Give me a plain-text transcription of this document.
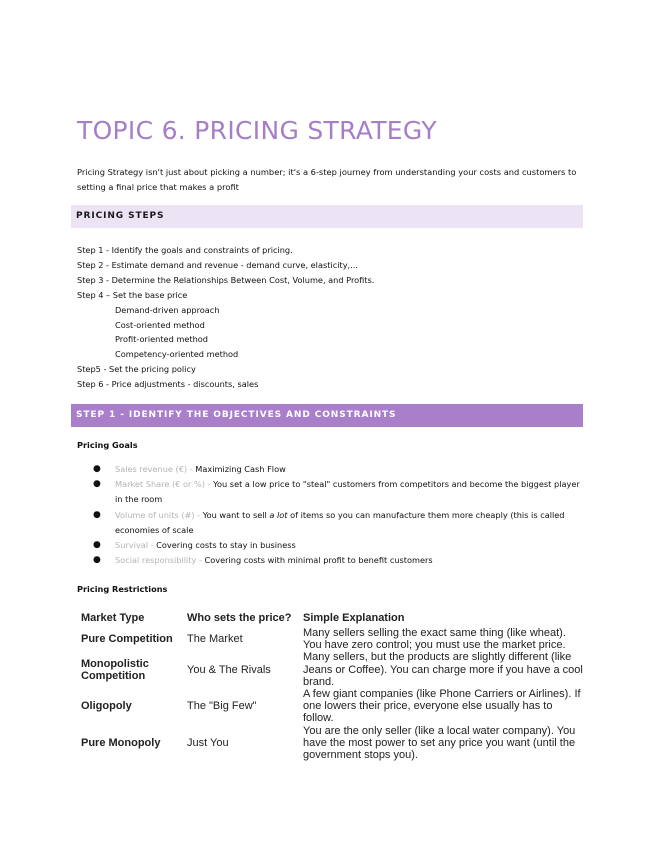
TOPIC 6. PRICING STRATEGY
Pricing Strategy isn't just about picking a number; it's a 6-step journey from understanding your costs and customers to setting a final price that makes a profit
PRICING STEPS
Step 1 - Identify the goals and constraints of pricing.
Step 2 - Estimate demand and revenue - demand curve, elasticity,...
Step 3 - Determine the Relationships Between Cost, Volume, and Profits.
Step 4 – Set the base price
Demand-driven approach
Cost-oriented method
Profit-oriented method
Competency-oriented method
Step5 - Set the pricing policy
Step 6 - Price adjustments - discounts, sales
STEP 1 - IDENTIFY THE OBJECTIVES AND CONSTRAINTS
Pricing Goals
● Sales revenue (€) - Maximizing Cash Flow
● Market Share (€ or %) - You set a low price to "steal" customers from competitors and become the biggest player in the room
● Volume of units (#) - You want to sell a lot of items so you can manufacture them more cheaply (this is called economies of scale
● Survival - Covering costs to stay in business
● Social responsibility - Covering costs with minimal profit to benefit customers
Pricing Restrictions
Market Type	Who sets the price?	Simple Explanation
Pure Competition	The Market	Many sellers selling the exact same thing (like wheat). You have zero control; you must use the market price.
Monopolistic Competition	You & The Rivals	Many sellers, but the products are slightly different (like Jeans or Coffee). You can charge more if you have a cool brand.
Oligopoly	The "Big Few"	A few giant companies (like Phone Carriers or Airlines). If one lowers their price, everyone else usually has to follow.
Pure Monopoly	Just You	You are the only seller (like a local water company). You have the most power to set any price you want (until the government stops you).
